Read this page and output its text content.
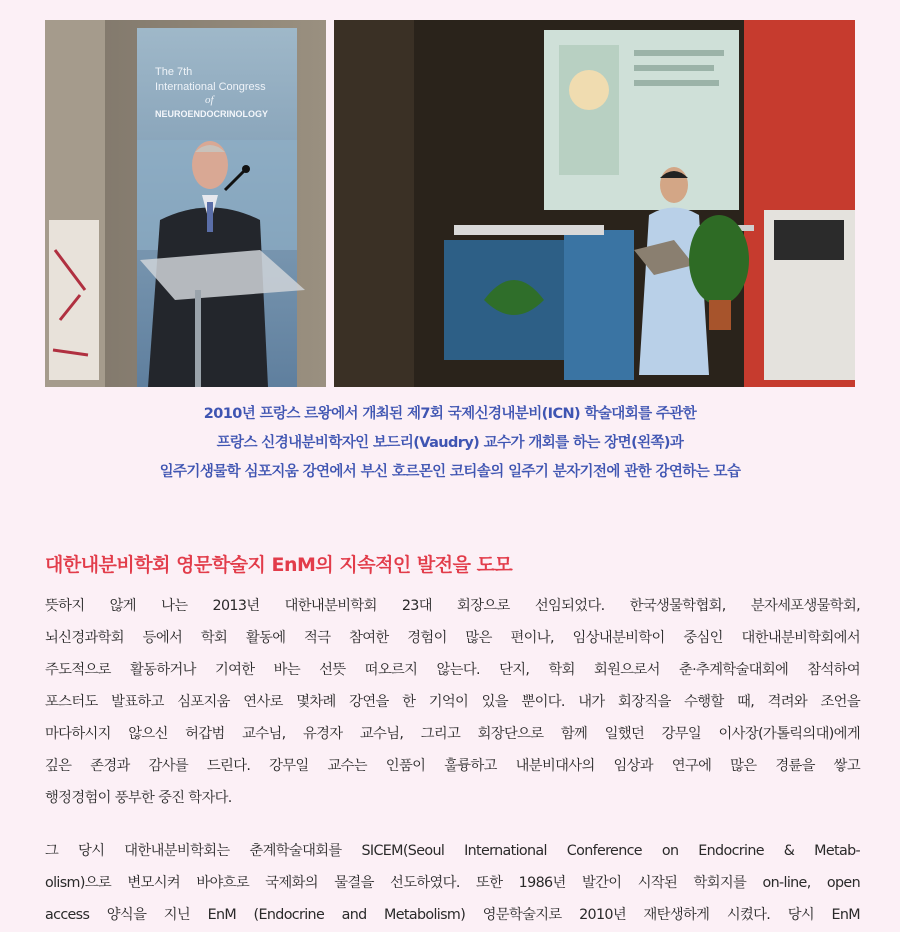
The 7th
International Congress
of
NEUROENDOCRINOLOGY
2010년 프랑스 르왕에서 개최된 제7회 국제신경내분비(ICN) 학술대회를 주관한
프랑스 신경내분비학자인 보드리(Vaudry) 교수가 개회를 하는 장면(왼쪽)과
일주기생물학 심포지움 강연에서 부신 호르몬인 코티솔의 일주기 분자기전에 관한 강연하는 모습
대한내분비학회 영문학술지 EnM의 지속적인 발전을 도모
뜻하지 않게 나는 2013년 대한내분비학회 23대 회장으로 선임되었다. 한국생물학협회, 분자세포생물학회,
뇌신경과학회 등에서 학회 활동에 적극 참여한 경험이 많은 편이나, 임상내분비학이 중심인 대한내분비학회에서
주도적으로 활동하거나 기여한 바는 선뜻 떠오르지 않는다. 단지, 학회 회원으로서 춘·추계학술대회에 참석하여
포스터도 발표하고 심포지움 연사로 몇차례 강연을 한 기억이 있을 뿐이다. 내가 회장직을 수행할 때, 격려와 조언을
마다하시지 않으신 허갑범 교수님, 유경자 교수님, 그리고 회장단으로 함께 일했던 강무일 이사장(가톨릭의대)에게
깊은 존경과 감사를 드린다. 강무일 교수는 인품이 훌륭하고 내분비대사의 임상과 연구에 많은 경륜을 쌓고
행정경험이 풍부한 중진 학자다.
그 당시 대한내분비학회는 춘계학술대회를 SICEM(Seoul International Conference on Endocrine & Metab-
olism)으로 변모시켜 바야흐로 국제화의 물결을 선도하였다. 또한 1986년 발간이 시작된 학회지를 on-line, open
access 양식을 지닌 EnM (Endocrine and Metabolism) 영문학술지로 2010년 재탄생하게 시켰다. 당시 EnM
